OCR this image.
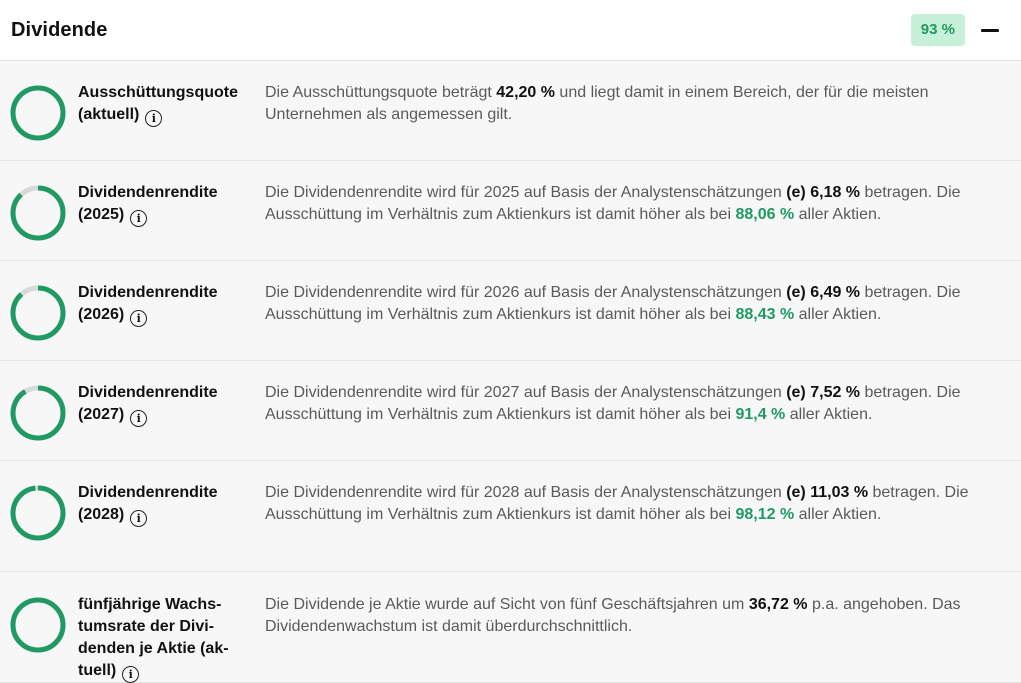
Dividende	93 %
Ausschüttungsquote
(aktuell) i
Die Ausschüttungsquote beträgt 42,20 % und liegt damit in einem Bereich, der für die meisten Unternehmen als angemessen gilt.
Dividendenrendite
(2025) i
Die Dividendenrendite wird für 2025 auf Basis der Analystenschätzungen (e) 6,18 % betragen. Die Ausschüttung im Verhältnis zum Aktienkurs ist damit höher als bei 88,06 % aller Aktien.
Dividendenrendite
(2026) i
Die Dividendenrendite wird für 2026 auf Basis der Analystenschätzungen (e) 6,49 % betragen. Die Ausschüttung im Verhältnis zum Aktienkurs ist damit höher als bei 88,43 % aller Aktien.
Dividendenrendite
(2027) i
Die Dividendenrendite wird für 2027 auf Basis der Analystenschätzungen (e) 7,52 % betragen. Die Ausschüttung im Verhältnis zum Aktienkurs ist damit höher als bei 91,4 % aller Aktien.
Dividendenrendite
(2028) i
Die Dividendenrendite wird für 2028 auf Basis der Analystenschätzungen (e) 11,03 % betragen. Die Ausschüttung im Verhältnis zum Aktienkurs ist damit höher als bei 98,12 % aller Aktien.
fünfjährige Wachs-
tumsrate der Divi-
denden je Aktie (ak-
tuell) i
Die Dividende je Aktie wurde auf Sicht von fünf Geschäftsjahren um 36,72 % p.a. angehoben. Das Dividendenwachstum ist damit überdurchschnittlich.
